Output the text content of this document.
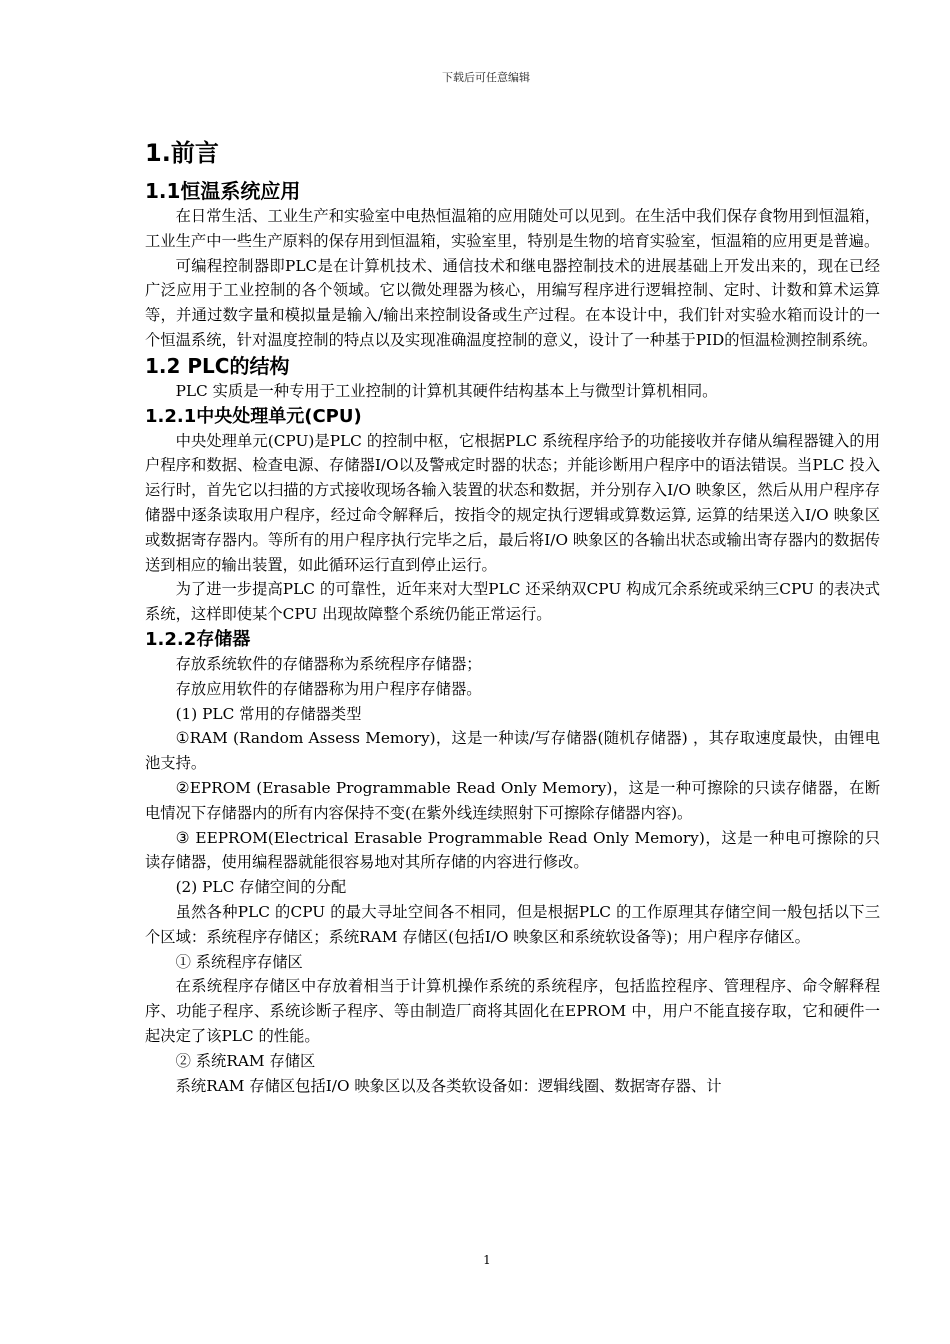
下载后可任意编辑

1.前言
1.1恒温系统应用

在日常生活、工业生产和实验室中电热恒温箱的应用随处可以见到。在生活中我们保存食物用到恒温箱，工业生产中一些生产原料的保存用到恒温箱，实验室里，特别是生物的培育实验室，恒温箱的应用更是普遍。

可编程控制器即PLC是在计算机技术、通信技术和继电器控制技术的进展基础上开发出来的，现在已经广泛应用于工业控制的各个领域。它以微处理器为核心，用编写程序进行逻辑控制、定时、计数和算术运算等，并通过数字量和模拟量是输入/输出来控制设备或生产过程。在本设计中，我们针对实验水箱而设计的一个恒温系统，针对温度控制的特点以及实现准确温度控制的意义，设计了一种基于PID的恒温检测控制系统。

1.2 PLC的结构

PLC 实质是一种专用于工业控制的计算机其硬件结构基本上与微型计算机相同。

1.2.1中央处理单元(CPU)

中央处理单元(CPU)是PLC 的控制中枢，它根据PLC 系统程序给予的功能接收并存储从编程器键入的用户程序和数据、检查电源、存储器I/O以及警戒定时器的状态；并能诊断用户程序中的语法错误。当PLC 投入运行时，首先它以扫描的方式接收现场各输入装置的状态和数据，并分别存入I/O 映象区，然后从用户程序存储器中逐条读取用户程序，经过命令解释后，按指令的规定执行逻辑或算数运算, 运算的结果送入I/O 映象区或数据寄存器内。等所有的用户程序执行完毕之后，最后将I/O 映象区的各输出状态或输出寄存器内的数据传送到相应的输出装置，如此循环运行直到停止运行。

为了进一步提高PLC 的可靠性，近年来对大型PLC 还采纳双CPU 构成冗余系统或采纳三CPU 的表决式系统，这样即使某个CPU 出现故障整个系统仍能正常运行。

1.2.2存储器

存放系统软件的存储器称为系统程序存储器；

存放应用软件的存储器称为用户程序存储器。

(1) PLC 常用的存储器类型

①RAM (Random Assess Memory)，这是一种读/写存储器(随机存储器) ，其存取速度最快，由锂电池支持。

②EPROM (Erasable Programmable Read Only Memory)，这是一种可擦除的只读存储器，在断电情况下存储器内的所有内容保持不变(在紫外线连续照射下可擦除存储器内容)。

③ EEPROM(Electrical Erasable Programmable Read Only Memory)，这是一种电可擦除的只读存储器，使用编程器就能很容易地对其所存储的内容进行修改。

(2) PLC 存储空间的分配

虽然各种PLC 的CPU 的最大寻址空间各不相同，但是根据PLC 的工作原理其存储空间一般包括以下三个区域：系统程序存储区；系统RAM 存储区(包括I/O 映象区和系统软设备等)；用户程序存储区。

① 系统程序存储区

在系统程序存储区中存放着相当于计算机操作系统的系统程序，包括监控程序、管理程序、命令解释程序、功能子程序、系统诊断子程序、等由制造厂商将其固化在EPROM 中，用户不能直接存取，它和硬件一起决定了该PLC 的性能。

② 系统RAM 存储区

系统RAM 存储区包括I/O 映象区以及各类软设备如：逻辑线圈、数据寄存器、计

1
